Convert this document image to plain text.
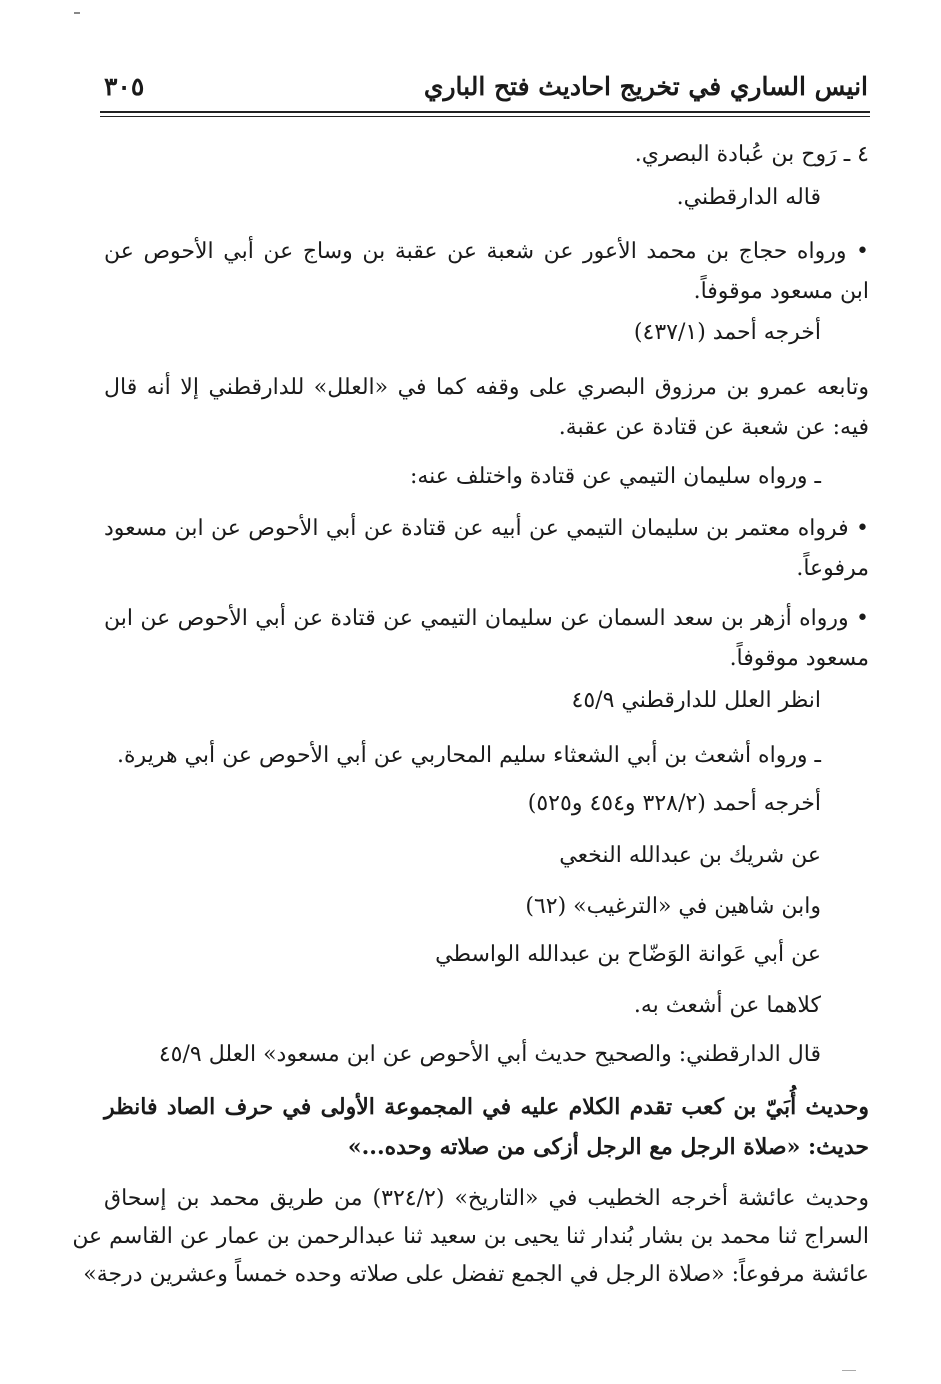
انيس الساري في تخريج احاديث فتح الباري
٣٠٥
٤ ـ رَوح بن عُبادة البصري.
قاله الدارقطني.
• ورواه حجاج بن محمد الأعور عن شعبة عن عقبة بن وساج عن أبي الأحوص عن
ابن مسعود موقوفاً.
أخرجه أحمد (٤٣٧/١)
وتابعه عمرو بن مرزوق البصري على وقفه كما في «العلل» للدارقطني إلا أنه قال
فيه: عن شعبة عن قتادة عن عقبة.
ـ ورواه سليمان التيمي عن قتادة واختلف عنه:
• فرواه معتمر بن سليمان التيمي عن أبيه عن قتادة عن أبي الأحوص عن ابن مسعود
مرفوعاً.
• ورواه أزهر بن سعد السمان عن سليمان التيمي عن قتادة عن أبي الأحوص عن ابن
مسعود موقوفاً.
انظر العلل للدارقطني ٤٥/٩
ـ ورواه أشعث بن أبي الشعثاء سليم المحاربي عن أبي الأحوص عن أبي هريرة.
أخرجه أحمد (٣٢٨/٢ و٤٥٤ و٥٢٥)
عن شريك بن عبدالله النخعي
وابن شاهين في «الترغيب» (٦٢)
عن أبي عَوانة الوَضّاح بن عبدالله الواسطي
كلاهما عن أشعث به.
قال الدارقطني: والصحيح حديث أبي الأحوص عن ابن مسعود» العلل ٤٥/٩
وحديث أُبَيّ بن كعب تقدم الكلام عليه في المجموعة الأولى في حرف الصاد فانظر
حديث: «صلاة الرجل مع الرجل أزكى من صلاته وحده...»
وحديث عائشة أخرجه الخطيب في «التاريخ» (٣٢٤/٢) من طريق محمد بن إسحاق
السراج ثنا محمد بن بشار بُندار ثنا يحيى بن سعيد ثنا عبدالرحمن بن عمار عن القاسم عن
عائشة مرفوعاً: «صلاة الرجل في الجمع تفضل على صلاته وحده خمساً وعشرين درجة»
